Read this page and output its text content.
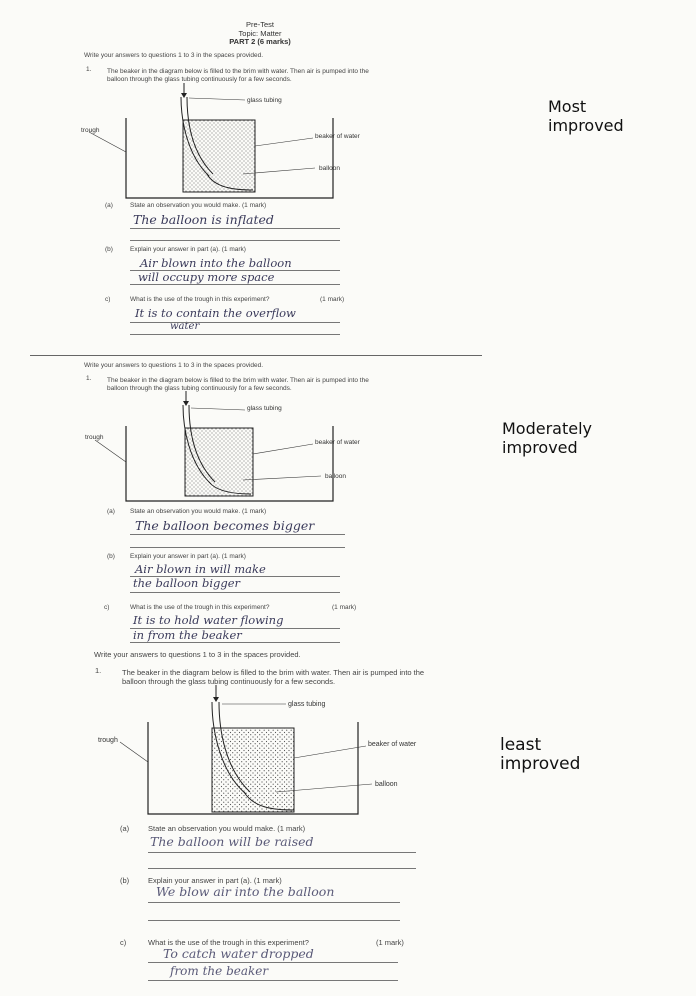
Pre-Test
Topic: Matter
PART 2 (6 marks)
Write your answers to questions 1 to 3 in the spaces provided.
1. The beaker in the diagram below is filled to the brim with water. Then air is pumped into the
balloon through the glass tubing continuously for a few seconds.
glass tubing
trough
beaker of water
balloon
Most
improved
(a)	State an observation you would make. (1 mark)
The balloon is inflated
(b)	Explain your answer in part (a). (1 mark)
Air blown into the balloon
will occupy more space
c)	What is the use of the trough in this experiment?	(1 mark)
It is to contain the overflow
water
Write your answers to questions 1 to 3 in the spaces provided.
1. The beaker in the diagram below is filled to the brim with water. Then air is pumped into the
balloon through the glass tubing continuously for a few seconds.
glass tubing
trough
beaker of water
balloon
Moderately
improved
(a) State an observation you would make. (1 mark)
The balloon becomes bigger
(b) Explain your answer in part (a). (1 mark)
Air blown in will make
the balloon bigger
c)	What is the use of the trough in this experiment?	(1 mark)
It is to hold water flowing
in from the beaker
Write your answers to questions 1 to 3 in the spaces provided.
1.	The beaker in the diagram below is filled to the brim with water. Then air is pumped into the
balloon through the glass tubing continuously for a few seconds.
glass tubing
trough
beaker of water
balloon
least
improved
(a)	State an observation you would make. (1 mark)
The balloon will be raised
(b)	Explain your answer in part (a). (1 mark)
We blow air into the balloon
c)	What is the use of the trough in this experiment?	(1 mark)
To catch water dropped
from the beaker
